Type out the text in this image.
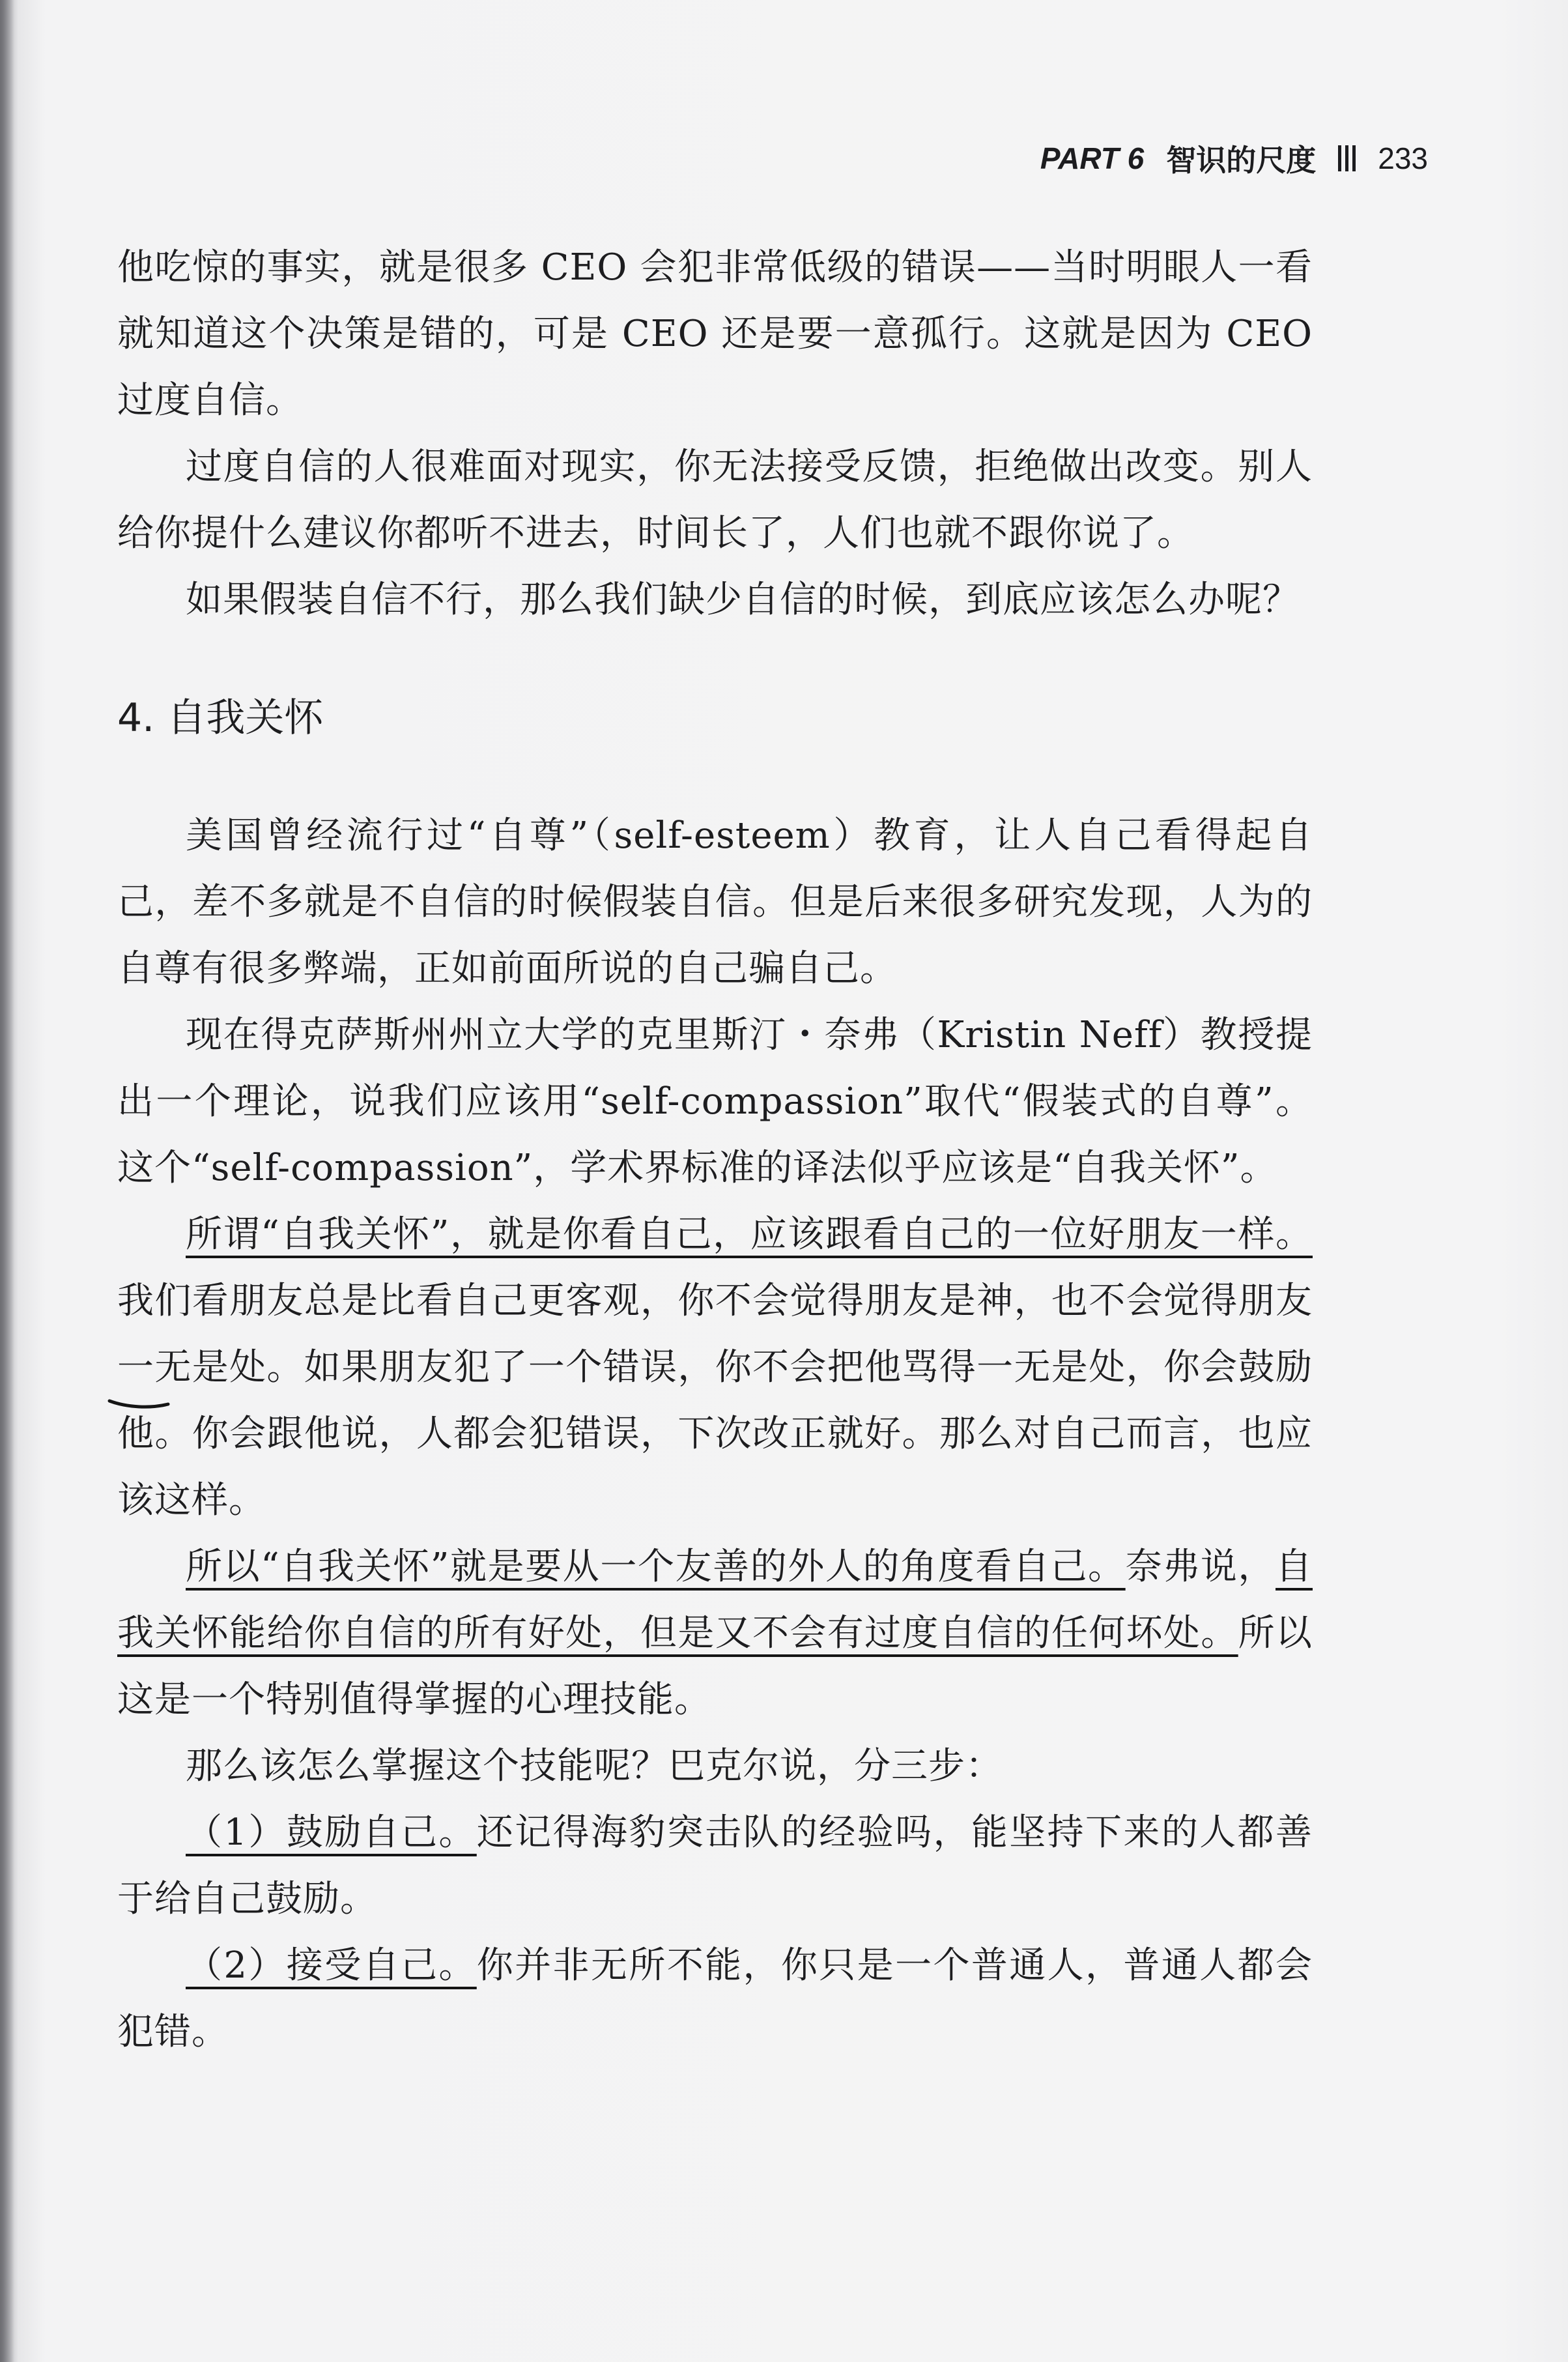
PART 6 智识的尺度 233

他吃惊的事实，就是很多 CEO 会犯非常低级的错误——当时明眼人一看就知道这个决策是错的，可是 CEO 还是要一意孤行。这就是因为 CEO 过度自信。

过度自信的人很难面对现实，你无法接受反馈，拒绝做出改变。别人给你提什么建议你都听不进去，时间长了，人们也就不跟你说了。

如果假装自信不行，那么我们缺少自信的时候，到底应该怎么办呢？

4. 自我关怀

美国曾经流行过“自尊”（self-esteem）教育，让人自己看得起自己，差不多就是不自信的时候假装自信。但是后来很多研究发现，人为的自尊有很多弊端，正如前面所说的自己骗自己。

现在得克萨斯州州立大学的克里斯汀・奈弗（Kristin Neff）教授提出一个理论，说我们应该用“self-compassion”取代“假装式的自尊”。这个“self-compassion”，学术界标准的译法似乎应该是“自我关怀”。

所谓“自我关怀”，就是你看自己，应该跟看自己的一位好朋友一样。我们看朋友总是比看自己更客观，你不会觉得朋友是神，也不会觉得朋友一无是处。如果朋友犯了一个错误，你不会把他骂得一无是处，你会鼓励他。你会跟他说，人都会犯错误，下次改正就好。那么对自己而言，也应该这样。

所以“自我关怀”就是要从一个友善的外人的角度看自己。奈弗说，自我关怀能给你自信的所有好处，但是又不会有过度自信的任何坏处。所以这是一个特别值得掌握的心理技能。

那么该怎么掌握这个技能呢？巴克尔说，分三步：

（1）鼓励自己。还记得海豹突击队的经验吗，能坚持下来的人都善于给自己鼓励。

（2）接受自己。你并非无所不能，你只是一个普通人，普通人都会犯错。
